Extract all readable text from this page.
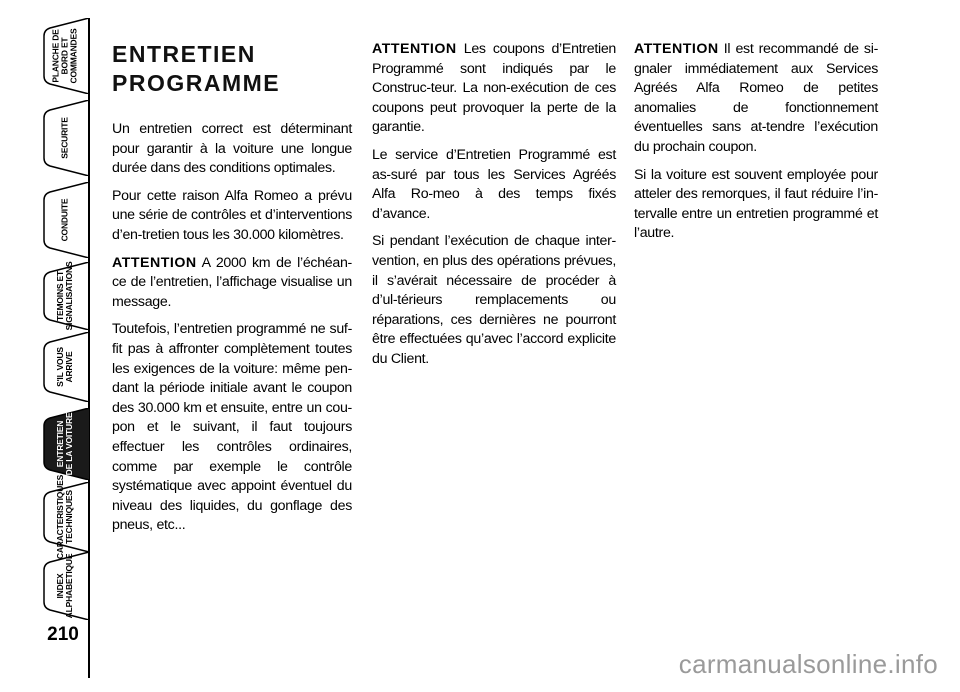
PLANCHE DE
BORD ET
COMMANDES
SECURITE
CONDUITE
TEMOINS ET
SIGNALISATIONS
S'IL VOUS
ARRIVE
ENTRETIEN
DE LA VOITURE
CARACTERISTIQUES
TECHNIQUES
INDEX
ALPHABETIQUE
210
ENTRETIEN
PROGRAMME

Un entretien correct est déterminant pour garantir à la voiture une longue durée dans des conditions optimales.

Pour cette raison Alfa Romeo a prévu une série de contrôles et d’interventions d’en-tretien tous les 30.000 kilomètres.

ATTENTION A 2000 km de l’échéan-ce de l’entretien, l’affichage visualise un message.

Toutefois, l’entretien programmé ne suf-fit pas à affronter complètement toutes les exigences de la voiture: même pen-dant la période initiale avant le coupon des 30.000 km et ensuite, entre un cou-pon et le suivant, il faut toujours effectuer les contrôles ordinaires, comme par exemple le contrôle systématique avec appoint éventuel du niveau des liquides, du gonflage des pneus, etc...

ATTENTION Les coupons d’Entretien Programmé sont indiqués par le Construc-teur. La non-exécution de ces coupons peut provoquer la perte de la garantie.

Le service d’Entretien Programmé est as-suré par tous les Services Agréés Alfa Ro-meo à des temps fixés d’avance.

Si pendant l’exécution de chaque inter-vention, en plus des opérations prévues, il s’avérait nécessaire de procéder à d’ul-térieurs remplacements ou réparations, ces dernières ne pourront être effectuées qu’avec l’accord explicite du Client.

ATTENTION Il est recommandé de si-gnaler immédiatement aux Services Agréés Alfa Romeo de petites anomalies de fonctionnement éventuelles sans at-tendre l’exécution du prochain coupon.

Si la voiture est souvent employée pour atteler des remorques, il faut réduire l’in-tervalle entre un entretien programmé et l’autre.

carmanualsonline.info
